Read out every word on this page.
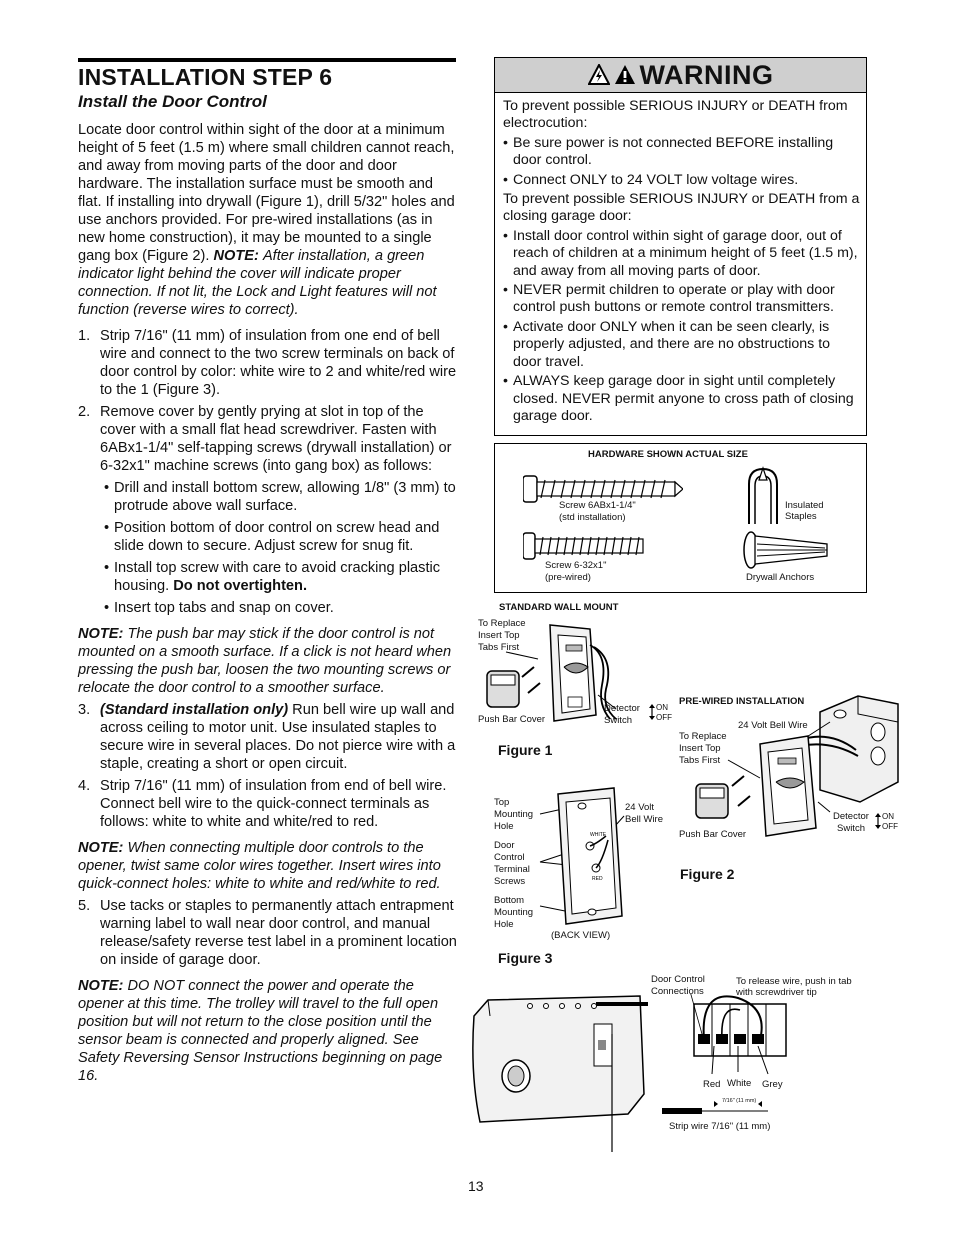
INSTALLATION STEP 6
Install the Door Control

Locate door control within sight of the door at a minimum height of 5 feet (1.5 m) where small children cannot reach, and away from moving parts of the door and door hardware. The installation surface must be smooth and flat. If installing into drywall (Figure 1), drill 5/32" holes and use anchors provided. For pre-wired installations (as in new home construction), it may be mounted to a single gang box (Figure 2). NOTE: After installation, a green indicator light behind the cover will indicate proper connection. If not lit, the Lock and Light features will not function (reverse wires to correct).

1. Strip 7/16" (11 mm) of insulation from one end of bell wire and connect to the two screw terminals on back of door control by color: white wire to 2 and white/red wire to the 1 (Figure 3).
2. Remove cover by gently prying at slot in top of the cover with a small flat head screwdriver. Fasten with 6ABx1-1/4" self-tapping screws (drywall installation) or 6-32x1" machine screws (into gang box) as follows:
• Drill and install bottom screw, allowing 1/8" (3 mm) to protrude above wall surface.
• Position bottom of door control on screw head and slide down to secure. Adjust screw for snug fit.
• Install top screw with care to avoid cracking plastic housing. Do not overtighten.
• Insert top tabs and snap on cover.

NOTE: The push bar may stick if the door control is not mounted on a smooth surface. If a click is not heard when pressing the push bar, loosen the two mounting screws or relocate the door control to a smoother surface.

3. (Standard installation only) Run bell wire up wall and across ceiling to motor unit. Use insulated staples to secure wire in several places. Do not pierce wire with a staple, creating a short or open circuit.
4. Strip 7/16" (11 mm) of insulation from end of bell wire. Connect bell wire to the quick-connect terminals as follows: white to white and white/red to red.

NOTE: When connecting multiple door controls to the opener, twist same color wires together. Insert wires into quick-connect holes: white to white and red/white to red.

5. Use tacks or staples to permanently attach entrapment warning label to wall near door control, and manual release/safety reverse test label in a prominent location on inside of garage door.

NOTE: DO NOT connect the power and operate the opener at this time. The trolley will travel to the full open position but will not return to the close position until the sensor beam is connected and properly aligned. See Safety Reversing Sensor Instructions beginning on page 16.

13
WARNING

To prevent possible SERIOUS INJURY or DEATH from electrocution:

• Be sure power is not connected BEFORE installing door control.
• Connect ONLY to 24 VOLT low voltage wires.

To prevent possible SERIOUS INJURY or DEATH from a closing garage door:

• Install door control within sight of garage door, out of reach of children at a minimum height of 5 feet (1.5 m), and away from all moving parts of door.
• NEVER permit children to operate or play with door control push buttons or remote control transmitters.
• Activate door ONLY when it can be seen clearly, is properly adjusted, and there are no obstructions to door travel.
• ALWAYS keep garage door in sight until completely closed. NEVER permit anyone to cross path of closing garage door.
HARDWARE SHOWN ACTUAL SIZE
Screw 6ABx1-1/4"
(std installation)
Screw 6-32x1"
(pre-wired)
Insulated
Staples
Drywall Anchors
STANDARD WALL MOUNT
To Replace
Insert Top
Tabs First
Push Bar Cover
Detector
Switch
ON
OFF
Figure 1
PRE-WIRED INSTALLATION
24 Volt Bell Wire
To Replace
Insert Top
Tabs First
Push Bar Cover
Detector
Switch
ON
OFF
Figure 2
Top
Mounting
Hole
24 Volt
Bell Wire
Door
Control
Terminal
Screws
Bottom
Mounting
Hole
WHITE
RED
(BACK VIEW)
Figure 3
Door Control
Connections
To release wire, push in tab
with screwdriver tip
Red White Grey
7/16" (11 mm)
Strip wire 7/16" (11 mm)
